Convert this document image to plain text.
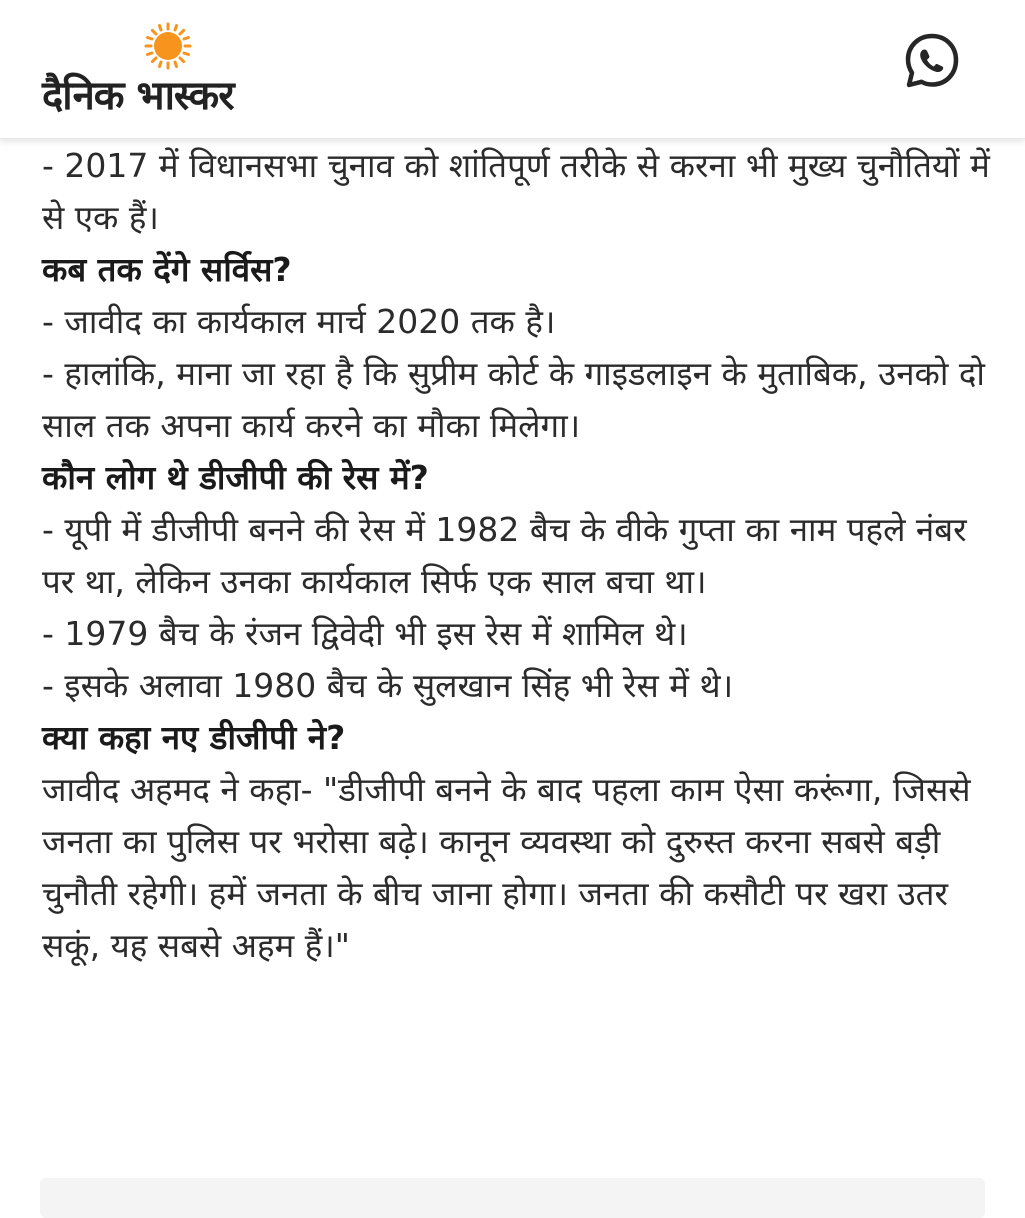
दैनिक भास्कर

- 2017 में विधानसभा चुनाव को शांतिपूर्ण तरीके से करना भी मुख्य चुनौतियों में से एक हैं।

कब तक देंगे सर्विस?

- जावीद का कार्यकाल मार्च 2020 तक है।

- हालांकि, माना जा रहा है कि सुप्रीम कोर्ट के गाइडलाइन के मुताबिक, उनको दो साल तक अपना कार्य करने का मौका मिलेगा।

कौन लोग थे डीजीपी की रेस में?

- यूपी में डीजीपी बनने की रेस में 1982 बैच के वीके गुप्ता का नाम पहले नंबर पर था, लेकिन उनका कार्यकाल सिर्फ एक साल बचा था।

- 1979 बैच के रंजन द्विवेदी भी इस रेस में शामिल थे।

- इसके अलावा 1980 बैच के सुलखान सिंह भी रेस में थे।

क्या कहा नए डीजीपी ने?

जावीद अहमद ने कहा- "डीजीपी बनने के बाद पहला काम ऐसा करूंगा, जिससे जनता का पुलिस पर भरोसा बढ़े। कानून व्यवस्था को दुरुस्त करना सबसे बड़ी चुनौती रहेगी। हमें जनता के बीच जाना होगा। जनता की कसौटी पर खरा उतर सकूं, यह सबसे अहम हैं।"
